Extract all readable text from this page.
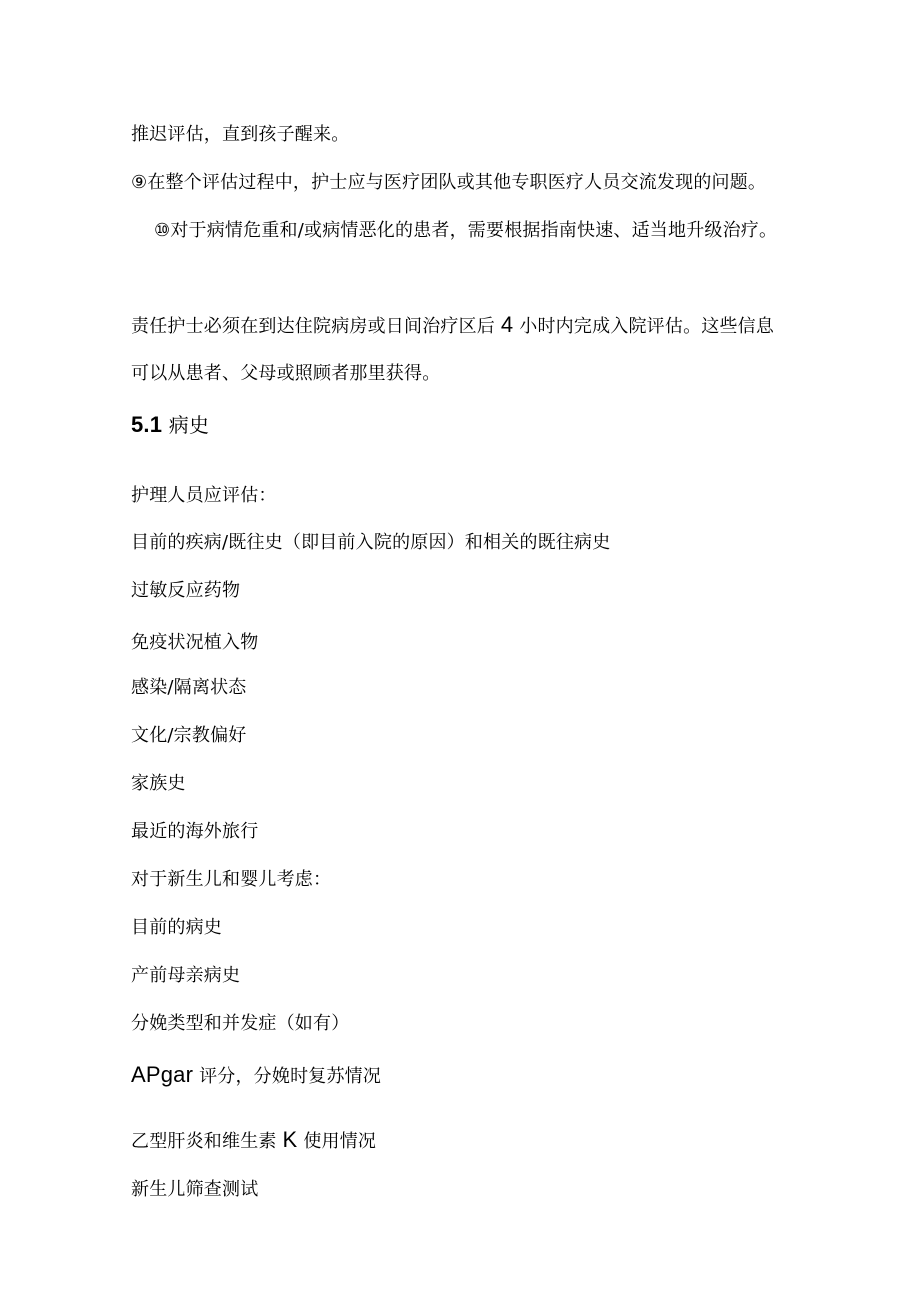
推迟评估，直到孩子醒来。
⑨在整个评估过程中，护士应与医疗团队或其他专职医疗人员交流发现的问题。
⑩对于病情危重和/或病情恶化的患者，需要根据指南快速、适当地升级治疗。
责任护士必须在到达住院病房或日间治疗区后 4 小时内完成入院评估。这些信息
可以从患者、父母或照顾者那里获得。
5.1 病史
护理人员应评估：
目前的疾病/既往史（即目前入院的原因）和相关的既往病史
过敏反应药物
免疫状况植入物
感染/隔离状态
文化/宗教偏好
家族史
最近的海外旅行
对于新生儿和婴儿考虑：
目前的病史
产前母亲病史
分娩类型和并发症（如有）
APgar 评分，分娩时复苏情况
乙型肝炎和维生素 K 使用情况
新生儿筛查测试
